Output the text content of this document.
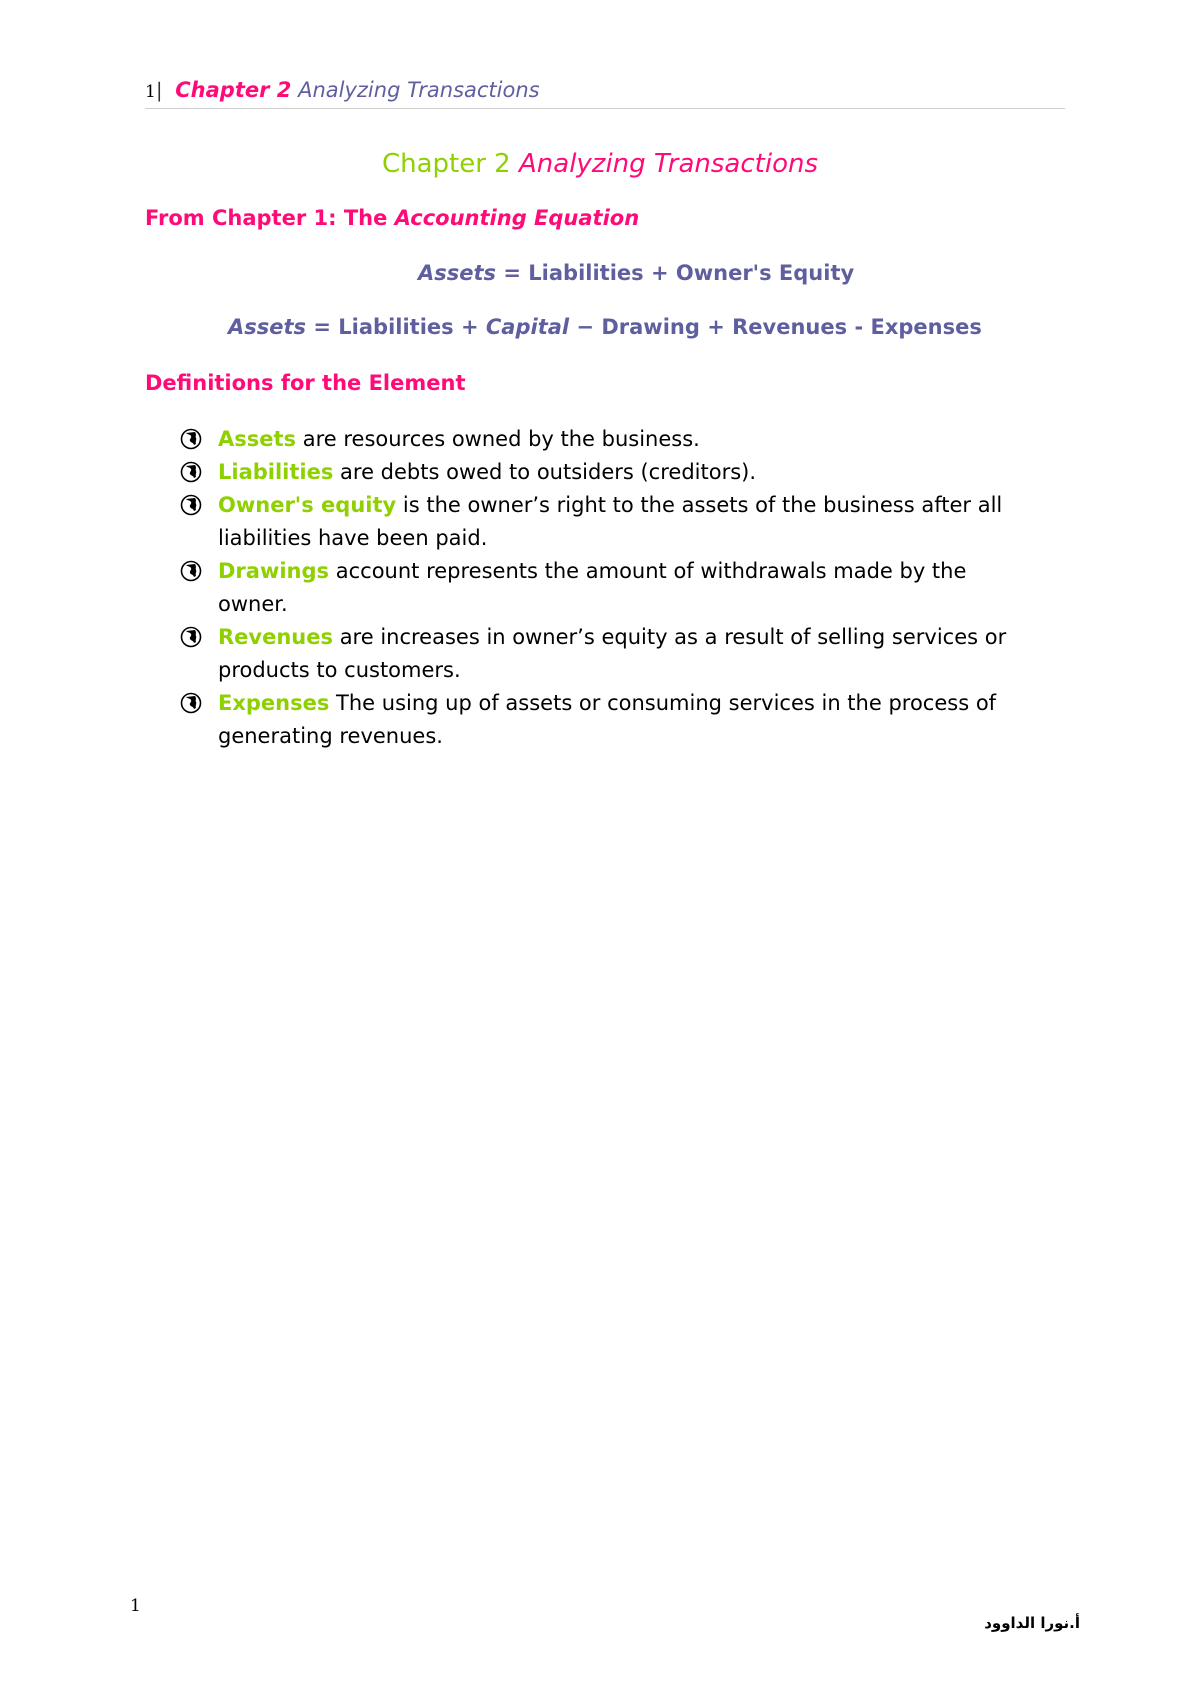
1| Chapter 2 Analyzing Transactions
Chapter 2 Analyzing Transactions
From Chapter 1: The Accounting Equation
Assets = Liabilities + Owner's Equity
Assets = Liabilities + Capital − Drawing + Revenues - Expenses
Definitions for the Element
Assets are resources owned by the business.
Liabilities are debts owed to outsiders (creditors).
Owner's equity is the owner’s right to the assets of the business after all liabilities have been paid.
Drawings account represents the amount of withdrawals made by the owner.
Revenues are increases in owner’s equity as a result of selling services or products to customers.
Expenses The using up of assets or consuming services in the process of generating revenues.
1
أ.نورا الداوود
